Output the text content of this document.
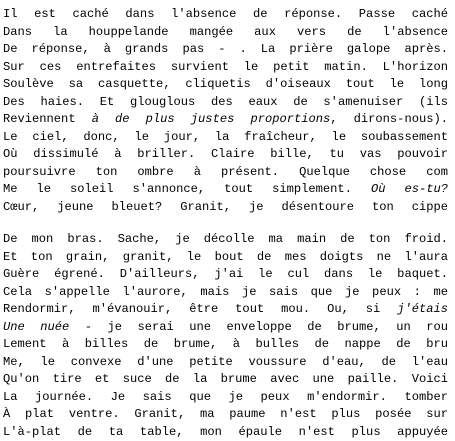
Il est caché dans l'absence de réponse. Passe caché
Dans la houppelande mangée aux vers de l'absence
De réponse, à grands pas - . La prière galope après.
Sur ces entrefaites survient le petit matin. L'horizon
Soulève sa casquette, cliquetis d'oiseaux tout le long
Des haies. Et glouglous des eaux de s'amenuiser (ils
Reviennent à de plus justes proportions, dirons-nous).
Le ciel, donc, le jour, la fraîcheur, le soubassement
Où dissimulé à briller. Claire bille, tu vas pouvoir
poursuivre ton ombre à présent. Quelque chose com
Me le soleil s'annonce, tout simplement. Où es-tu?
Cœur, jeune bleuet? Granit, je désentoure ton cippe
De mon bras. Sache, je décolle ma main de ton froid.
Et ton grain, granit, le bout de mes doigts ne l'aura
Guère égrené. D'ailleurs, j'ai le cul dans le baquet.
Cela s'appelle l'aurore, mais je sais que je peux : me
Rendormir, m'évanouir, être tout mou. Ou, si j'étais
Une nuée - je serai une enveloppe de brume, un rou
Lement à billes de brume, à bulles de nappe de bru
Me, le convexe d'une petite voussure d'eau, de l'eau
Qu'on tire et suce de la brume avec une paille. Voici
La journée. Je sais que je peux m'endormir. tomber
À plat ventre. Granit, ma paume n'est plus posée sur
L'à-plat de ta table, mon épaule n'est plus appuyée
